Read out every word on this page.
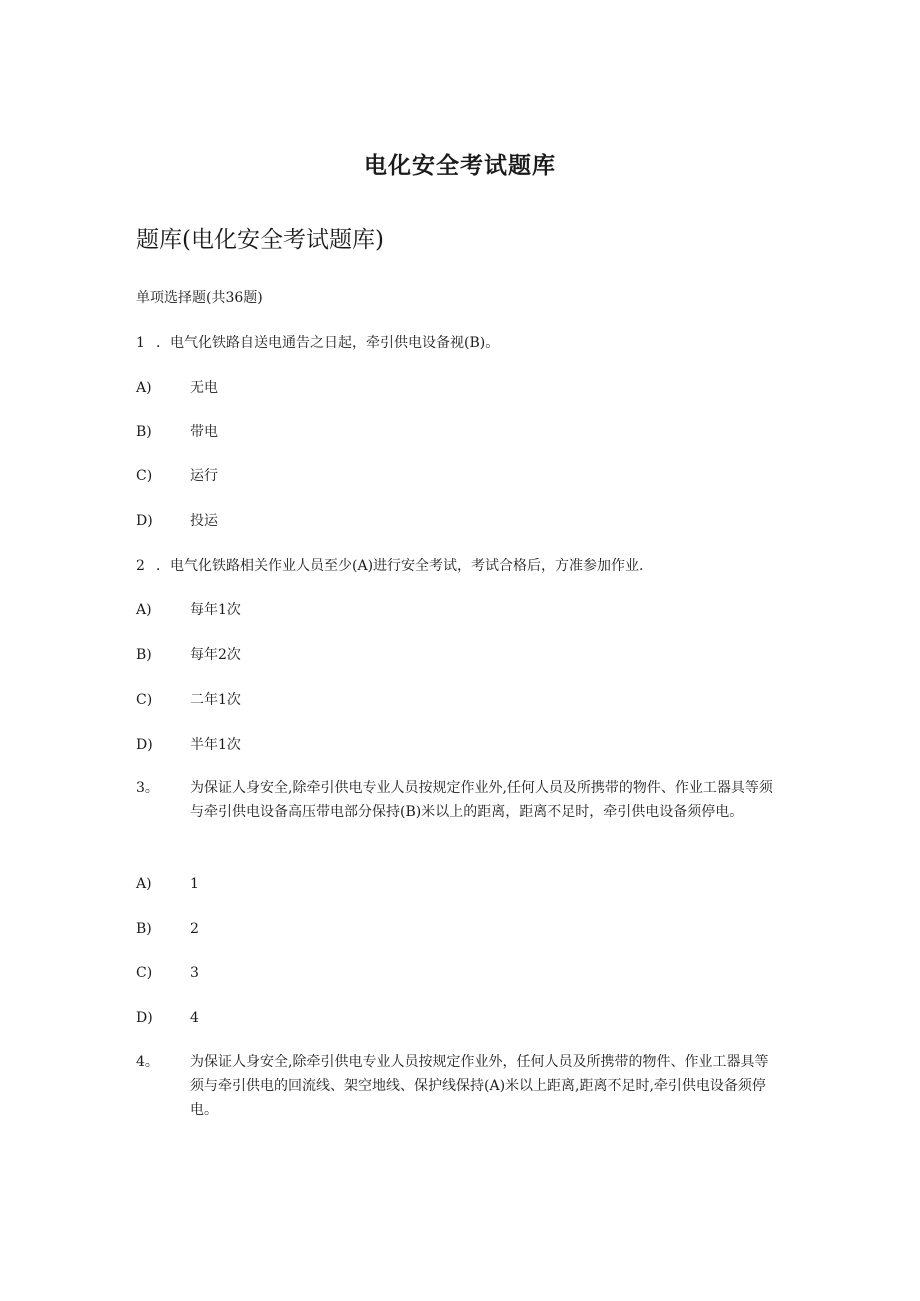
电化安全考试题库
题库(电化安全考试题库)

单项选择题(共36题)

1 ．电气化铁路自送电通告之日起，牵引供电设备视(B)。
A)	无电
B)	带电
C)	运行
D)	投运
2 ．电气化铁路相关作业人员至少(A)进行安全考试，考试合格后，方准参加作业.
A)	每年1次
B)	每年2次
C)	二年1次
D)	半年1次
3。 为保证人身安全,除牵引供电专业人员按规定作业外,任何人员及所携带的物件、作业工器具等须与牵引供电设备高压带电部分保持(B)米以上的距离，距离不足时，牵引供电设备须停电。

A)	1
B)	2
C)	3
D)	4
4。 为保证人身安全,除牵引供电专业人员按规定作业外，任何人员及所携带的物件、作业工器具等须与牵引供电的回流线、架空地线、保护线保持(A)米以上距离,距离不足时,牵引供电设备须停电。
